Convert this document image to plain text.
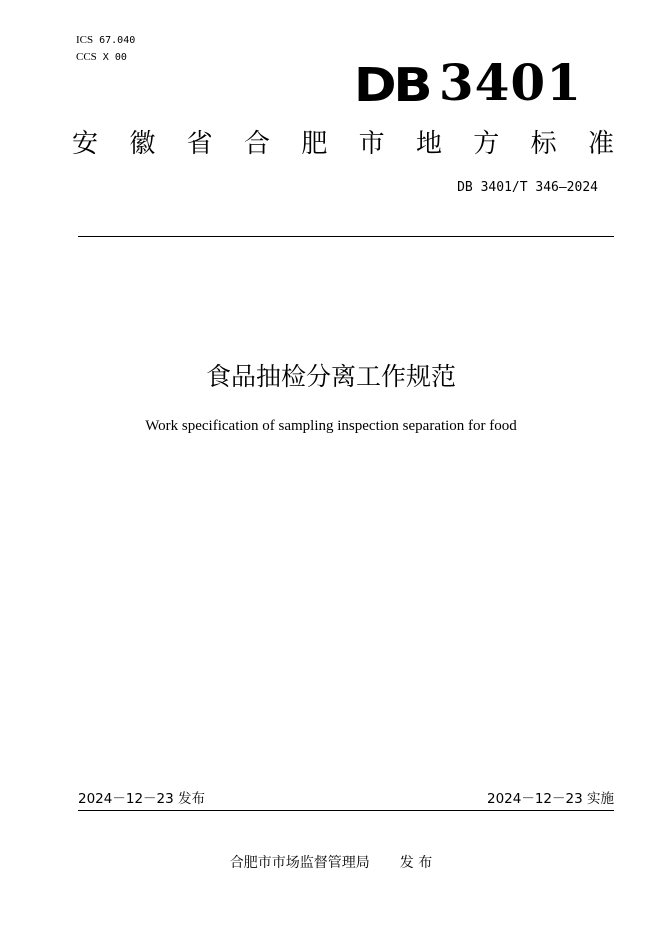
ICS 67.040
CCS X 00
DB 3401
安 徽 省 合 肥 市 地 方 标 准
DB 3401/T 346—2024
食品抽检分离工作规范
Work specification of sampling inspection separation for food
2024－12－23 发布	2024－12－23 实施
合肥市市场监督管理局 发 布
